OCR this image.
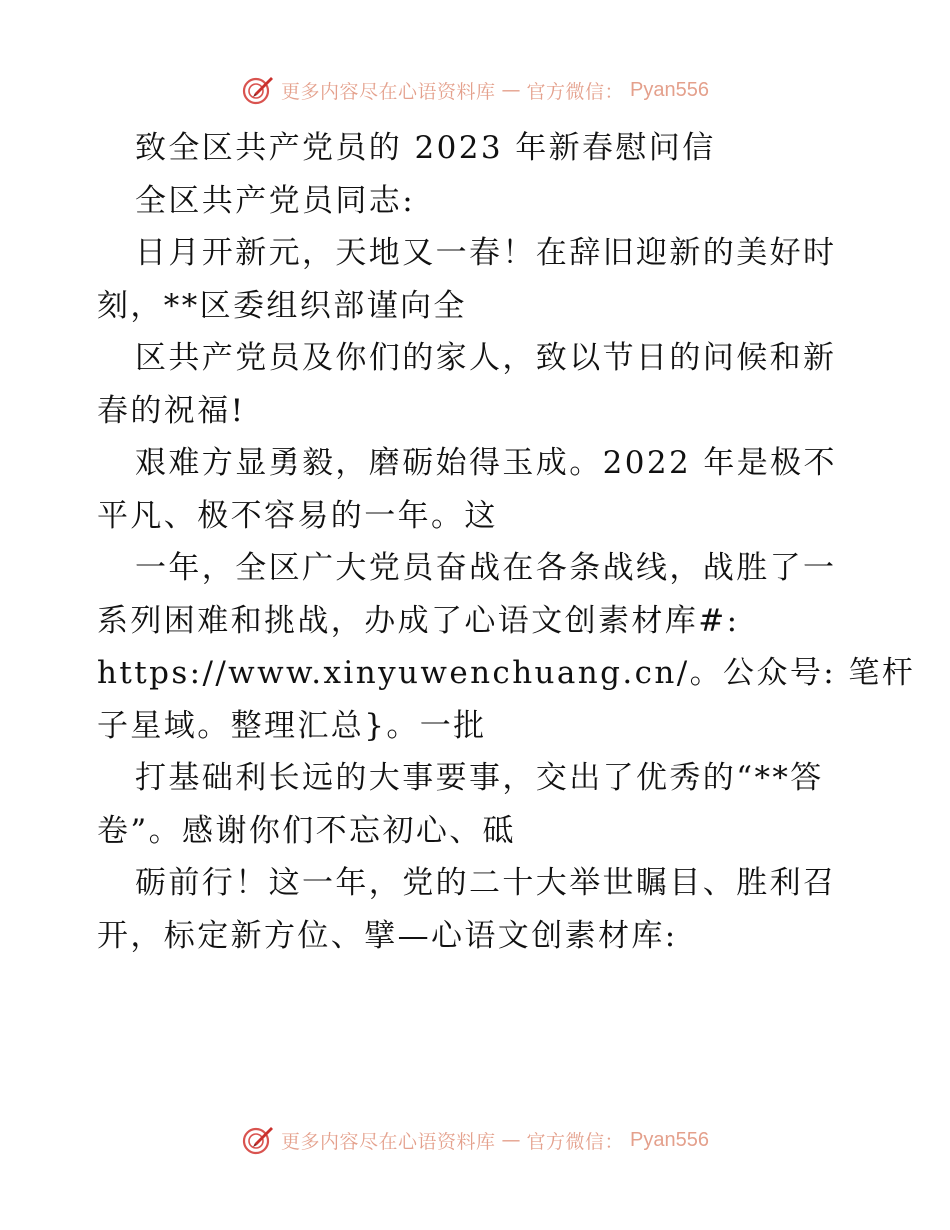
更多内容尽在心语资料库 — 官方微信： Pyan556
致全区共产党员的 2023 年新春慰问信
全区共产党员同志:
日月开新元，天地又一春！在辞旧迎新的美好时
刻，**区委组织部谨向全
区共产党员及你们的家人，致以节日的问候和新
春的祝福!
艰难方显勇毅，磨砺始得玉成。2022 年是极不
平凡、极不容易的一年。这
一年，全区广大党员奋战在各条战线，战胜了一
系列困难和挑战，办成了心语文创素材库#:
https://www.xinyuwenchuang.cn/。公众号: 笔杆
子星域。整理汇总}。一批
打基础利长远的大事要事，交出了优秀的“**答
卷”。感谢你们不忘初心、砥
砺前行！这一年，党的二十大举世瞩目、胜利召
开，标定新方位、擘—心语文创素材库:
更多内容尽在心语资料库 — 官方微信： Pyan556
